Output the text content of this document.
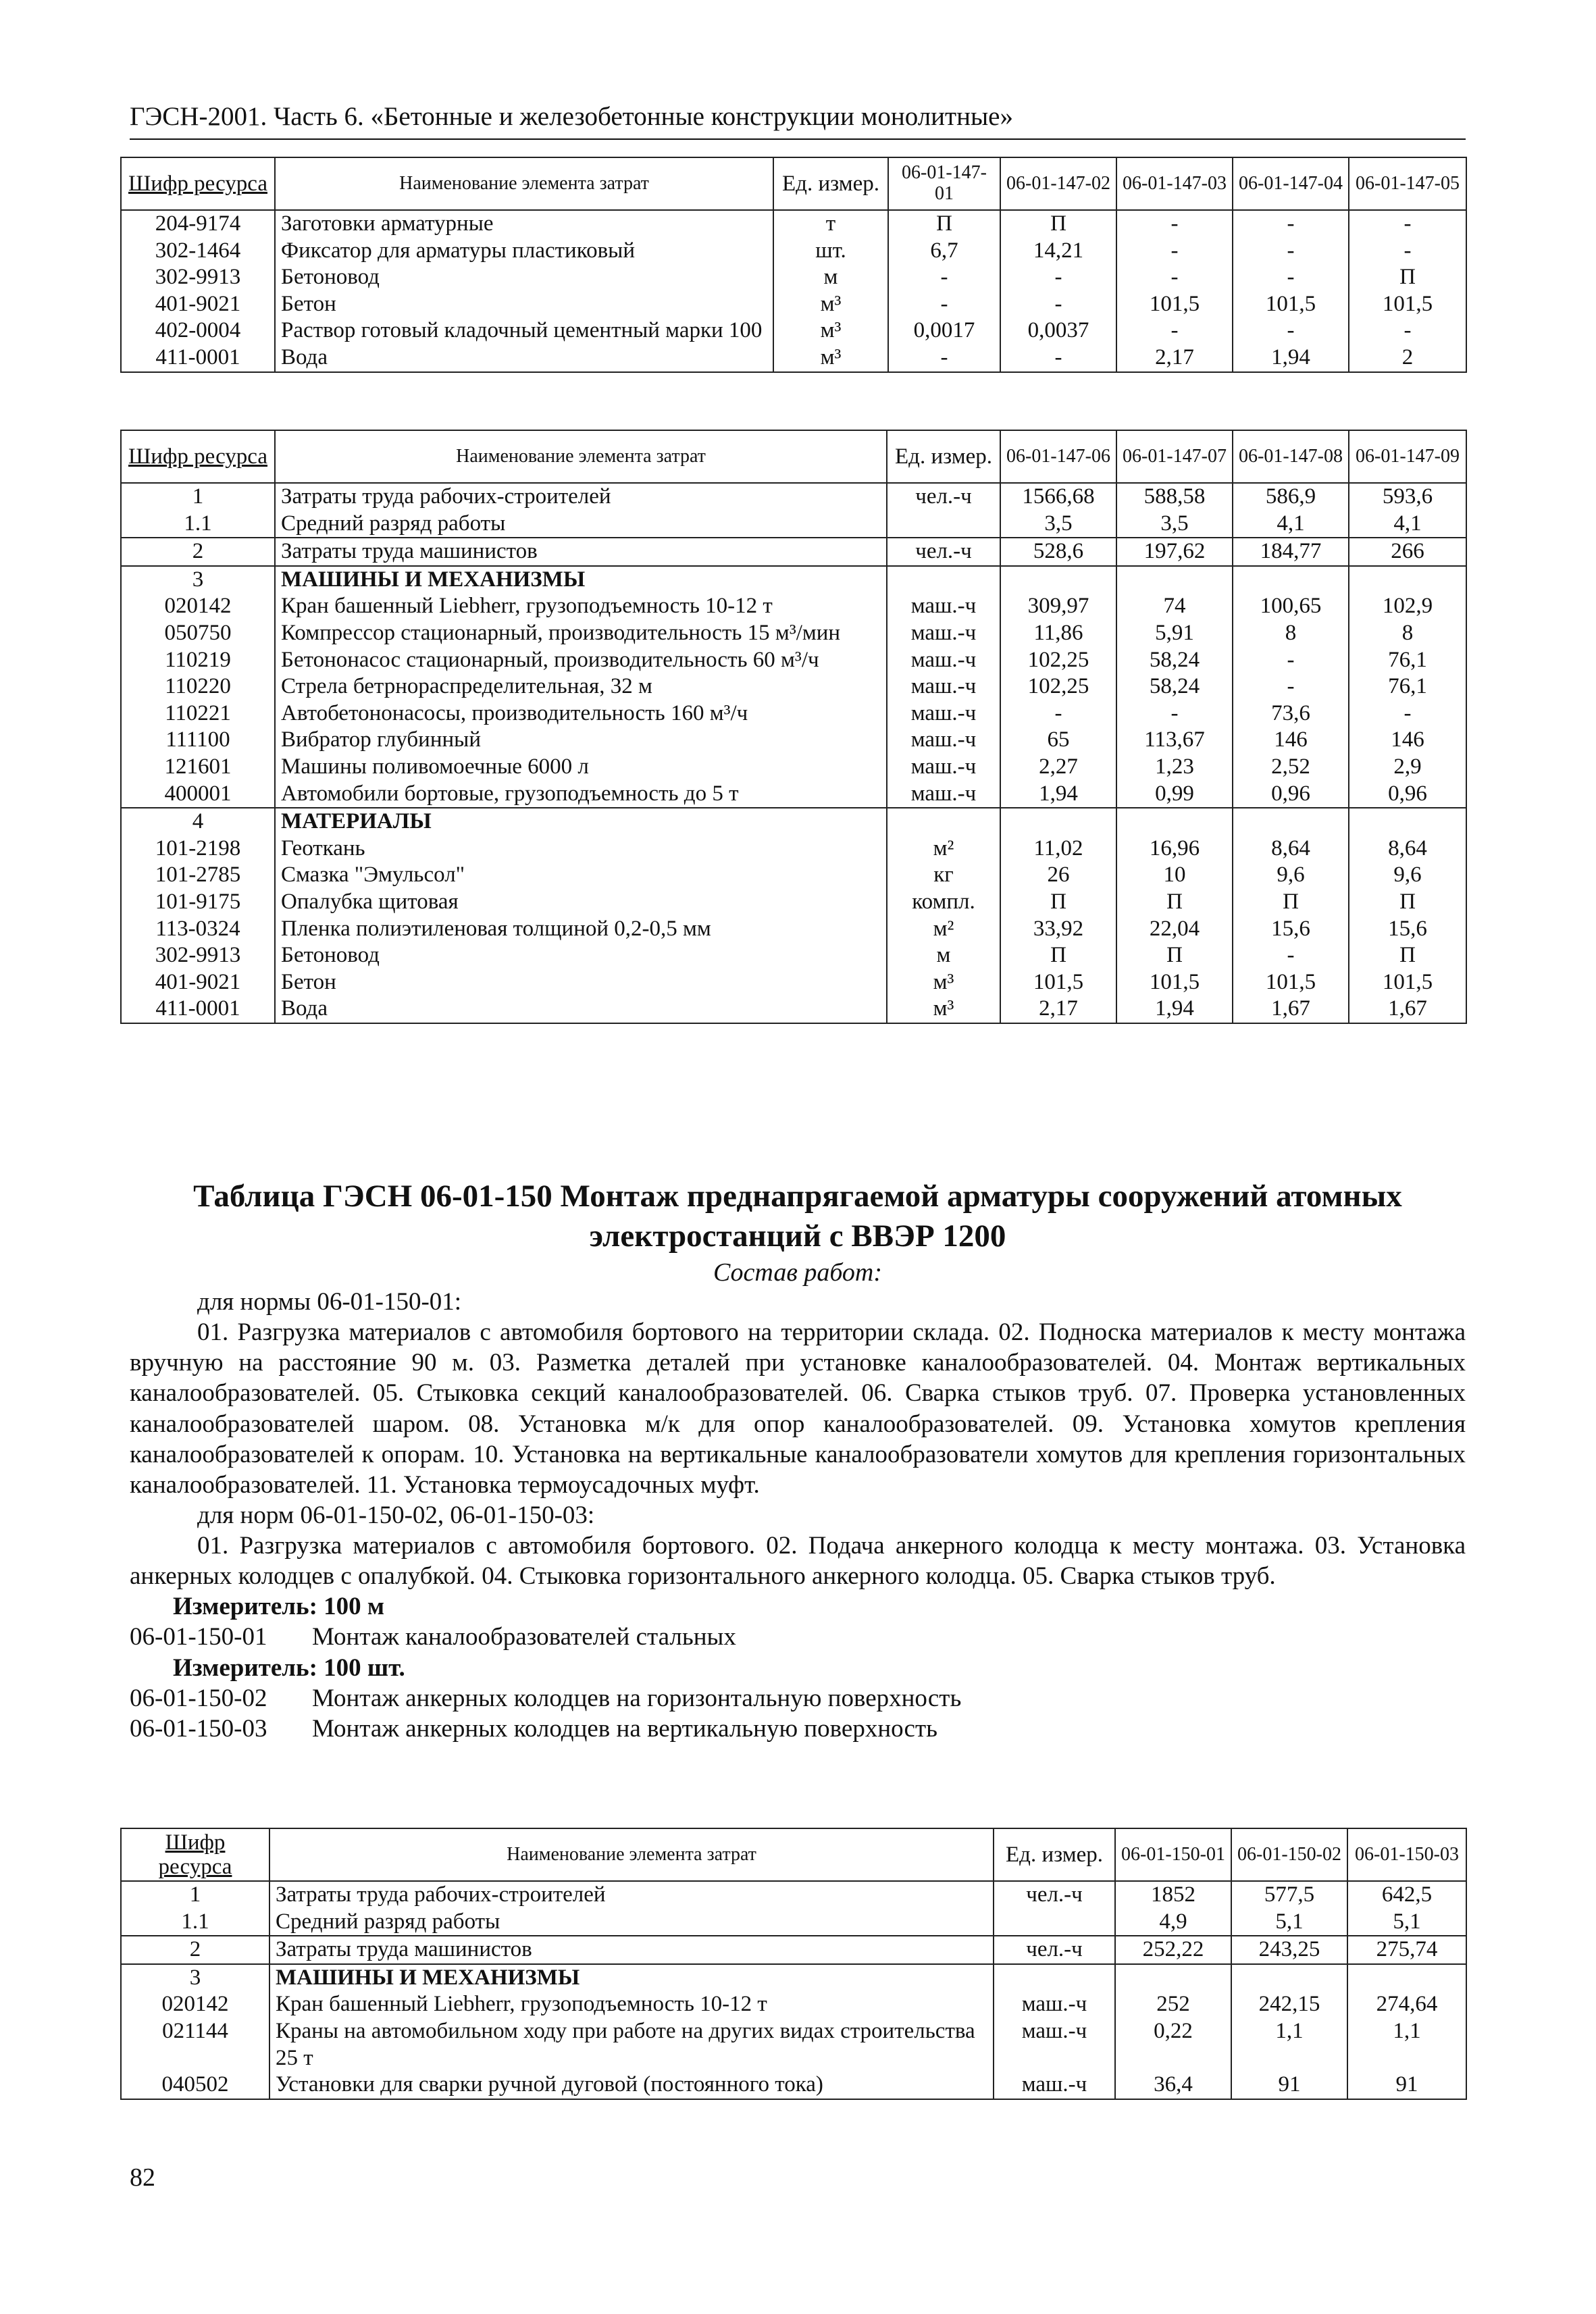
ГЭСН-2001. Часть 6. «Бетонные и железобетонные конструкции монолитные»
Шифр ресурса	Наименование элемента затрат	Ед. измер.	06-01-147-01	06-01-147-02	06-01-147-03	06-01-147-04	06-01-147-05
204-9174	Заготовки арматурные	т	П	П	-	-	-
302-1464	Фиксатор для арматуры пластиковый	шт.	6,7	14,21	-	-	-
302-9913	Бетоновод	м	-	-	-	-	П
401-9021	Бетон	м³	-	-	101,5	101,5	101,5
402-0004	Раствор готовый кладочный цементный марки 100	м³	0,0017	0,0037	-	-	-
411-0001	Вода	м³	-	-	2,17	1,94	2
Шифр ресурса	Наименование элемента затрат	Ед. измер.	06-01-147-06	06-01-147-07	06-01-147-08	06-01-147-09
1	Затраты труда рабочих-строителей	чел.-ч	1566,68	588,58	586,9	593,6
1.1	Средний разряд работы		3,5	3,5	4,1	4,1
2	Затраты труда машинистов	чел.-ч	528,6	197,62	184,77	266
3	МАШИНЫ И МЕХАНИЗМЫ					
020142	Кран башенный Liebherr, грузоподъемность 10-12 т	маш.-ч	309,97	74	100,65	102,9
050750	Компрессор стационарный, производительность 15 м³/мин	маш.-ч	11,86	5,91	8	8
110219	Бетононасос стационарный, производительность 60 м³/ч	маш.-ч	102,25	58,24	-	76,1
110220	Стрела бетрнораспределительная, 32 м	маш.-ч	102,25	58,24	-	76,1
110221	Автобетононасосы, производительность 160 м³/ч	маш.-ч	-	-	73,6	-
111100	Вибратор глубинный	маш.-ч	65	113,67	146	146
121601	Машины поливомоечные 6000 л	маш.-ч	2,27	1,23	2,52	2,9
400001	Автомобили бортовые, грузоподъемность до 5 т	маш.-ч	1,94	0,99	0,96	0,96
4	МАТЕРИАЛЫ					
101-2198	Геоткань	м²	11,02	16,96	8,64	8,64
101-2785	Смазка "Эмульсол"	кг	26	10	9,6	9,6
101-9175	Опалубка щитовая	компл.	П	П	П	П
113-0324	Пленка полиэтиленовая толщиной 0,2-0,5 мм	м²	33,92	22,04	15,6	15,6
302-9913	Бетоновод	м	П	П	-	П
401-9021	Бетон	м³	101,5	101,5	101,5	101,5
411-0001	Вода	м³	2,17	1,94	1,67	1,67
Таблица ГЭСН 06-01-150 Монтаж преднапрягаемой арматуры сооружений атомных электростанций с ВВЭР 1200
Состав работ:

для нормы 06-01-150-01:

01. Разгрузка материалов с автомобиля бортового на территории склада. 02. Подноска материалов к месту монтажа вручную на расстояние 90 м. 03. Разметка деталей при установке каналообразователей. 04. Монтаж вертикальных каналообразователей. 05. Стыковка секций каналообразователей. 06. Сварка стыков труб. 07. Проверка установленных каналообразователей шаром. 08. Установка м/к для опор каналообразователей. 09. Установка хомутов крепления каналообразователей к опорам. 10. Установка на вертикальные каналообразователи хомутов для крепления горизонтальных каналообразователей. 11. Установка термоусадочных муфт.

для норм 06-01-150-02, 06-01-150-03:

01. Разгрузка материалов с автомобиля бортового. 02. Подача анкерного колодца к месту монтажа. 03. Установка анкерных колодцев с опалубкой. 04. Стыковка горизонтального анкерного колодца. 05. Сварка стыков труб.

Измеритель: 100 м

06-01-150-01	Монтаж каналообразователей стальных

Измеритель: 100 шт.

06-01-150-02	Монтаж анкерных колодцев на горизонтальную поверхность
06-01-150-03	Монтаж анкерных колодцев на вертикальную поверхность
Шифр ресурса	Наименование элемента затрат	Ед. измер.	06-01-150-01	06-01-150-02	06-01-150-03
1	Затраты труда рабочих-строителей	чел.-ч	1852	577,5	642,5
1.1	Средний разряд работы		4,9	5,1	5,1
2	Затраты труда машинистов	чел.-ч	252,22	243,25	275,74
3	МАШИНЫ И МЕХАНИЗМЫ				
020142	Кран башенный Liebherr, грузоподъемность 10-12 т	маш.-ч	252	242,15	274,64
021144	Краны на автомобильном ходу при работе на других видах строительства 25 т	маш.-ч	0,22	1,1	1,1
040502	Установки для сварки ручной дуговой (постоянного тока)	маш.-ч	36,4	91	91
82
